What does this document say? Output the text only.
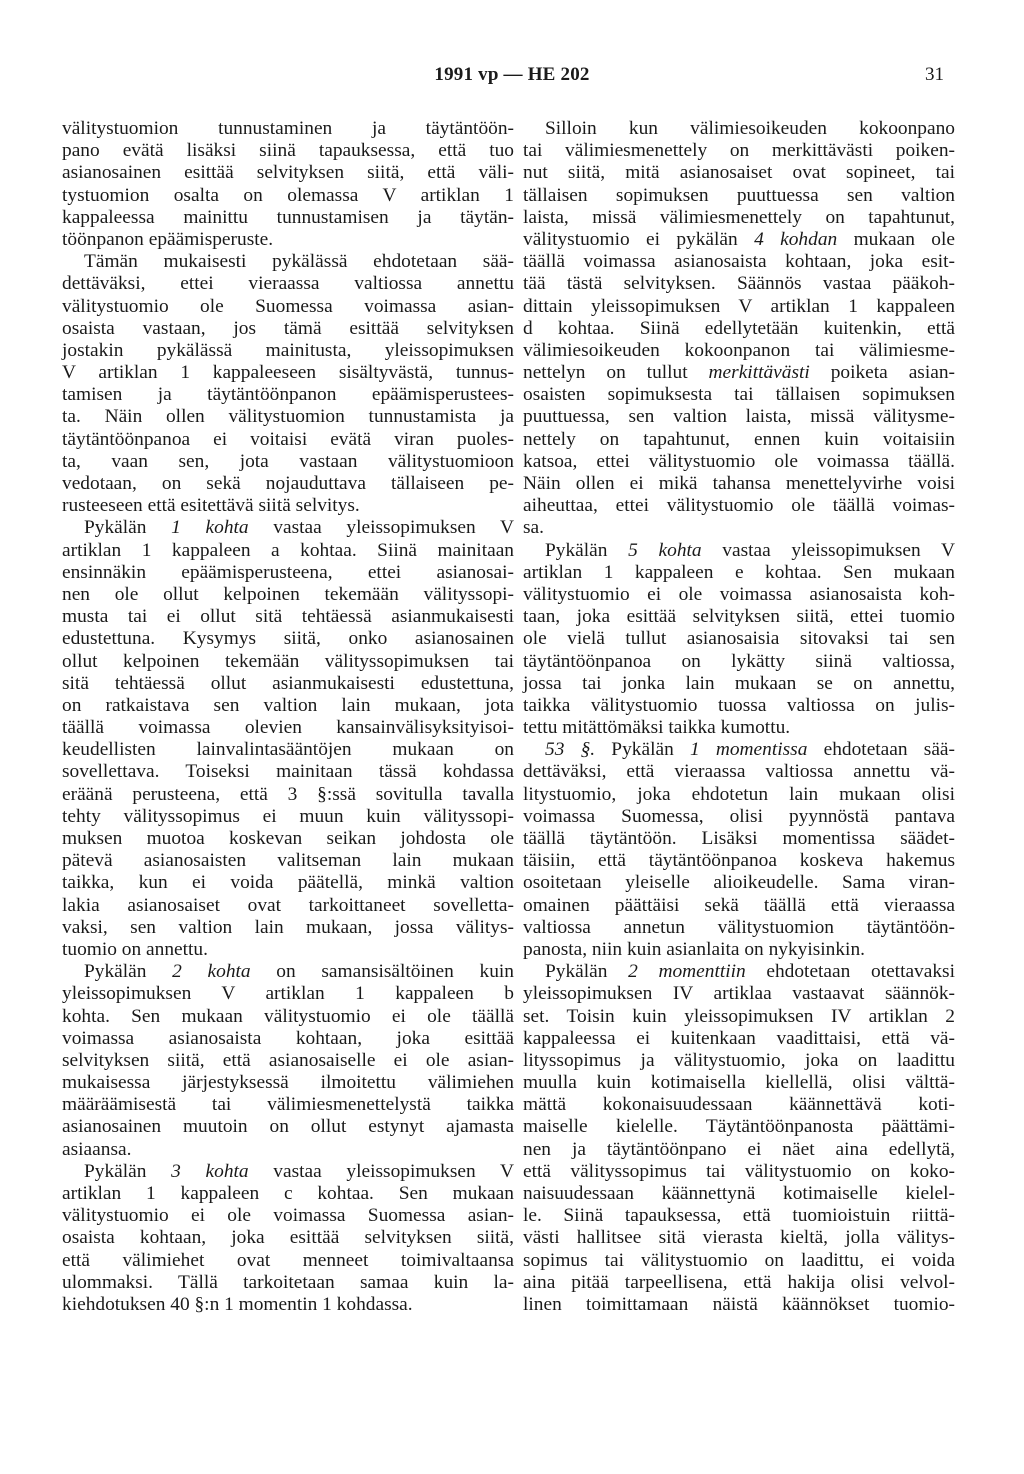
1991 vp — HE 202	31
välitystuomion tunnustaminen ja täytäntöön-
pano evätä lisäksi siinä tapauksessa, että tuo
asianosainen esittää selvityksen siitä, että väli-
tystuomion osalta on olemassa V artiklan 1
kappaleessa mainittu tunnustamisen ja täytän-
töönpanon epäämisperuste.
Tämän mukaisesti pykälässä ehdotetaan sää-
dettäväksi, ettei vieraassa valtiossa annettu
välitystuomio ole Suomessa voimassa asian-
osaista vastaan, jos tämä esittää selvityksen
jostakin pykälässä mainitusta, yleissopimuksen
V artiklan 1 kappaleeseen sisältyvästä, tunnus-
tamisen ja täytäntöönpanon epäämisperustees-
ta. Näin ollen välitystuomion tunnustamista ja
täytäntöönpanoa ei voitaisi evätä viran puoles-
ta, vaan sen, jota vastaan välitystuomioon
vedotaan, on sekä nojauduttava tällaiseen pe-
rusteeseen että esitettävä siitä selvitys.
Pykälän 1 kohta vastaa yleissopimuksen V
artiklan 1 kappaleen a kohtaa. Siinä mainitaan
ensinnäkin epäämisperusteena, ettei asianosai-
nen ole ollut kelpoinen tekemään välityssopi-
musta tai ei ollut sitä tehtäessä asianmukaisesti
edustettuna. Kysymys siitä, onko asianosainen
ollut kelpoinen tekemään välityssopimuksen tai
sitä tehtäessä ollut asianmukaisesti edustettuna,
on ratkaistava sen valtion lain mukaan, jota
täällä voimassa olevien kansainvälisyksityisoi-
keudellisten lainvalintasääntöjen mukaan on
sovellettava. Toiseksi mainitaan tässä kohdassa
eräänä perusteena, että 3 §:ssä sovitulla tavalla
tehty välityssopimus ei muun kuin välityssopi-
muksen muotoa koskevan seikan johdosta ole
pätevä asianosaisten valitseman lain mukaan
taikka, kun ei voida päätellä, minkä valtion
lakia asianosaiset ovat tarkoittaneet sovelletta-
vaksi, sen valtion lain mukaan, jossa välitys-
tuomio on annettu.
Pykälän 2 kohta on samansisältöinen kuin
yleissopimuksen V artiklan 1 kappaleen b
kohta. Sen mukaan välitystuomio ei ole täällä
voimassa asianosaista kohtaan, joka esittää
selvityksen siitä, että asianosaiselle ei ole asian-
mukaisessa järjestyksessä ilmoitettu välimiehen
määräämisestä tai välimiesmenettelystä taikka
asianosainen muutoin on ollut estynyt ajamasta
asiaansa.
Pykälän 3 kohta vastaa yleissopimuksen V
artiklan 1 kappaleen c kohtaa. Sen mukaan
välitystuomio ei ole voimassa Suomessa asian-
osaista kohtaan, joka esittää selvityksen siitä,
että välimiehet ovat menneet toimivaltaansa
ulommaksi. Tällä tarkoitetaan samaa kuin la-
kiehdotuksen 40 §:n 1 momentin 1 kohdassa.
Silloin kun välimiesoikeuden kokoonpano
tai välimiesmenettely on merkittävästi poiken-
nut siitä, mitä asianosaiset ovat sopineet, tai
tällaisen sopimuksen puuttuessa sen valtion
laista, missä välimiesmenettely on tapahtunut,
välitystuomio ei pykälän 4 kohdan mukaan ole
täällä voimassa asianosaista kohtaan, joka esit-
tää tästä selvityksen. Säännös vastaa pääkoh-
dittain yleissopimuksen V artiklan 1 kappaleen
d kohtaa. Siinä edellytetään kuitenkin, että
välimiesoikeuden kokoonpanon tai välimiesme-
nettelyn on tullut merkittävästi poiketa asian-
osaisten sopimuksesta tai tällaisen sopimuksen
puuttuessa, sen valtion laista, missä välitysme-
nettely on tapahtunut, ennen kuin voitaisiin
katsoa, ettei välitystuomio ole voimassa täällä.
Näin ollen ei mikä tahansa menettelyvirhe voisi
aiheuttaa, ettei välitystuomio ole täällä voimas-
sa.
Pykälän 5 kohta vastaa yleissopimuksen V
artiklan 1 kappaleen e kohtaa. Sen mukaan
välitystuomio ei ole voimassa asianosaista koh-
taan, joka esittää selvityksen siitä, ettei tuomio
ole vielä tullut asianosaisia sitovaksi tai sen
täytäntöönpanoa on lykätty siinä valtiossa,
jossa tai jonka lain mukaan se on annettu,
taikka välitystuomio tuossa valtiossa on julis-
tettu mitättömäksi taikka kumottu.
53 §. Pykälän 1 momentissa ehdotetaan sää-
dettäväksi, että vieraassa valtiossa annettu vä-
litystuomio, joka ehdotetun lain mukaan olisi
voimassa Suomessa, olisi pyynnöstä pantava
täällä täytäntöön. Lisäksi momentissa säädet-
täisiin, että täytäntöönpanoa koskeva hakemus
osoitetaan yleiselle alioikeudelle. Sama viran-
omainen päättäisi sekä täällä että vieraassa
valtiossa annetun välitystuomion täytäntöön-
panosta, niin kuin asianlaita on nykyisinkin.
Pykälän 2 momenttiin ehdotetaan otettavaksi
yleissopimuksen IV artiklaa vastaavat säännök-
set. Toisin kuin yleissopimuksen IV artiklan 2
kappaleessa ei kuitenkaan vaadittaisi, että vä-
lityssopimus ja välitystuomio, joka on laadittu
muulla kuin kotimaisella kiellellä, olisi välttä-
mättä kokonaisuudessaan käännettävä koti-
maiselle kielelle. Täytäntöönpanosta päättämi-
nen ja täytäntöönpano ei näet aina edellytä,
että välityssopimus tai välitystuomio on koko-
naisuudessaan käännettynä kotimaiselle kielel-
le. Siinä tapauksessa, että tuomioistuin riittä-
västi hallitsee sitä vierasta kieltä, jolla välitys-
sopimus tai välitystuomio on laadittu, ei voida
aina pitää tarpeellisena, että hakija olisi velvol-
linen toimittamaan näistä käännökset tuomio-
